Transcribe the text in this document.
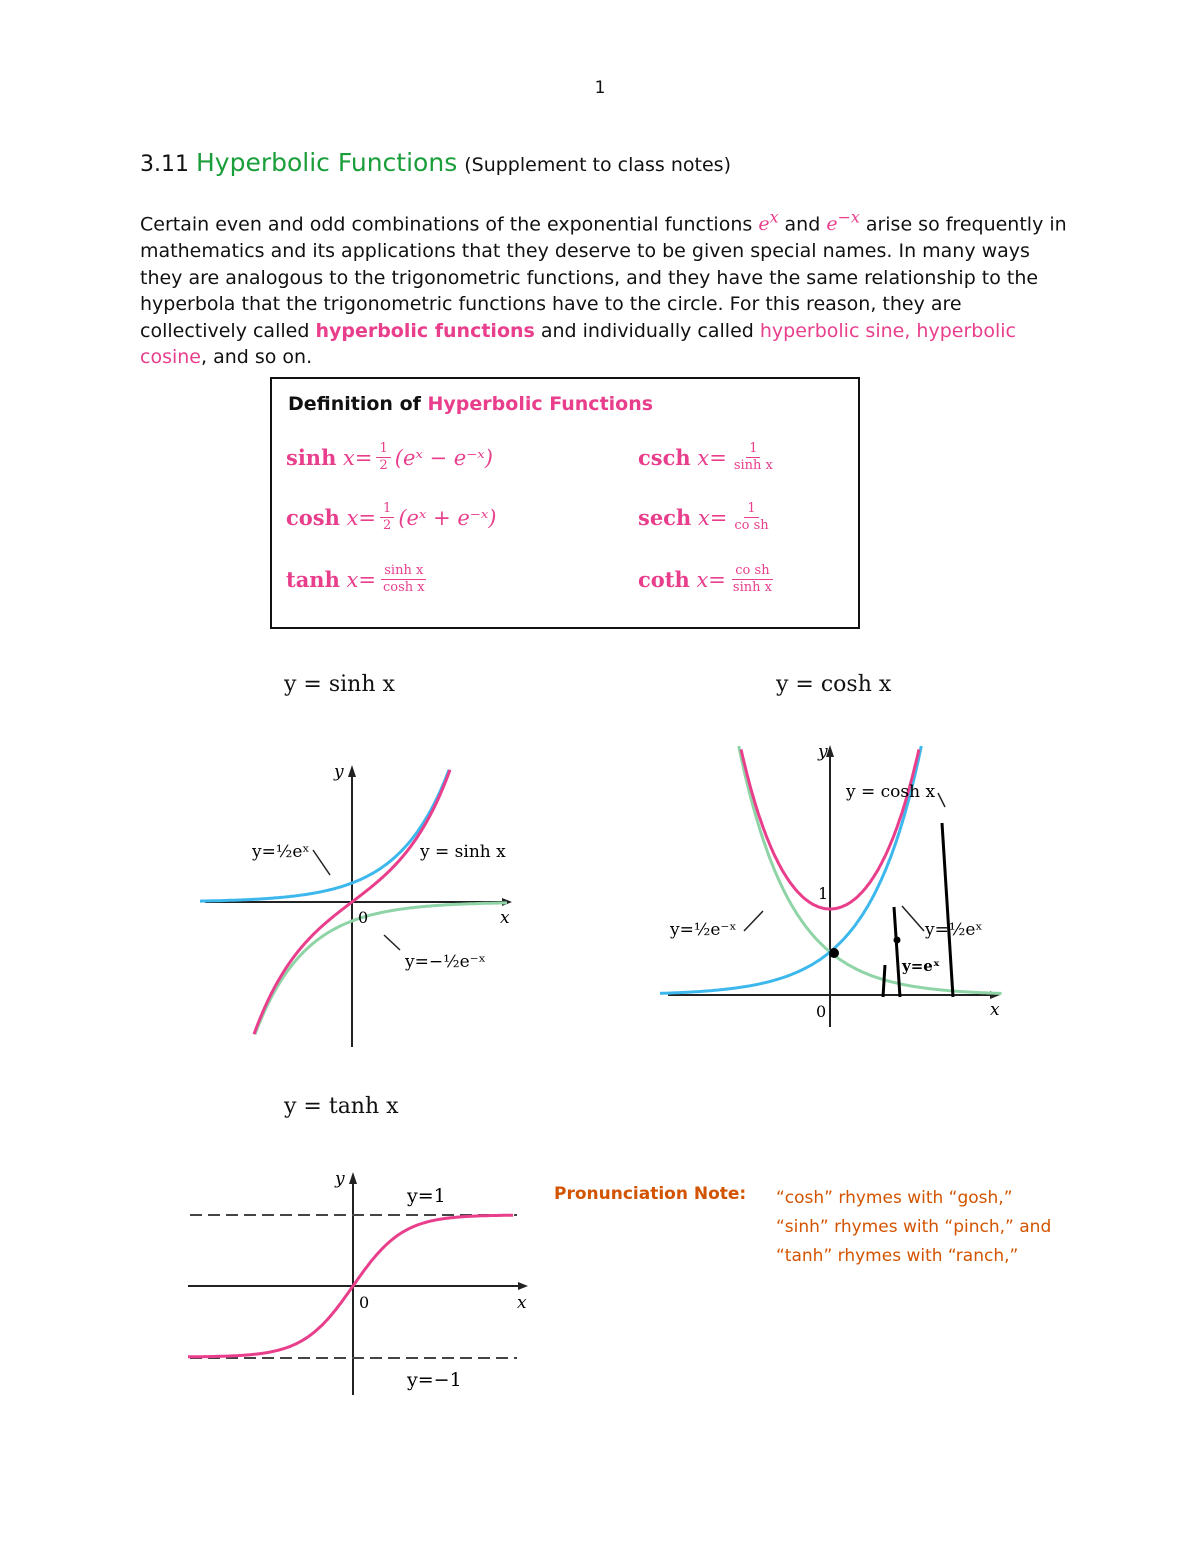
1
3.11 Hyperbolic Functions (Supplement to class notes)
Certain even and odd combinations of the exponential functions $e^x$ and $e^{-x}$ arise so frequently in mathematics and its applications that they deserve to be given special names. In many ways they are analogous to the trigonometric functions, and they have the same relationship to the hyperbola that the trigonometric functions have to the circle. For this reason, they are collectively called hyperbolic functions and individually called hyperbolic sine, hyperbolic cosine, and so on.
Definition of Hyperbolic Functions
sinh
$x = \frac{1}{2}$ (eˣ − e⁻ˣ)
cosh
$x = \frac{1}{2}$ (eˣ + e⁻ˣ)
tanh
$x = \frac{\text{sinh x}}{\text{cosh x}}$
csch
$x = \frac{1}{\text{sinh x}}$
sech
$x = \frac{1}{\text{co sh}}$
coth
$x = \frac{\text{co sh}}{\text{sinh x}}$
y = sinh x	y = cosh x
y = tanh x
y
x
0
y = sinh x
y=½eˣ
y=−½e⁻ˣ
y
x
0
1
y = cosh x
y=½e⁻ˣ	y=½eˣ
y=eˣ
y
x
0
y=1
y=−1
Pronunciation Note: “cosh” rhymes with “gosh,”
“sinh” rhymes with “pinch,” and
“tanh” rhymes with “ranch,”
